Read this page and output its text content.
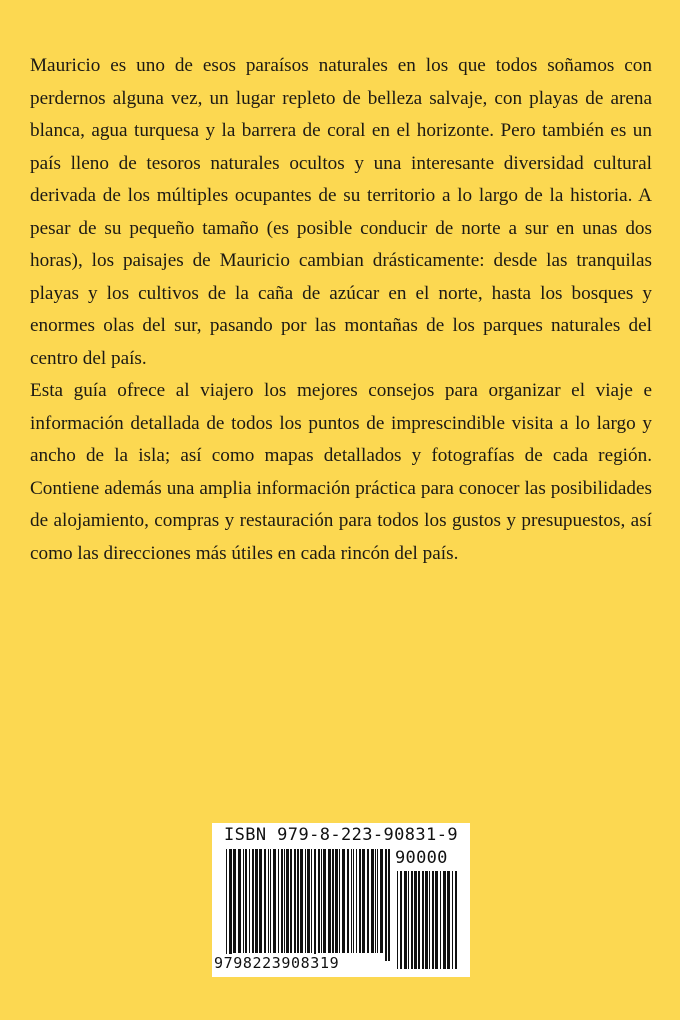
Mauricio es uno de esos paraísos naturales en los que todos soñamos con perdernos alguna vez, un lugar repleto de belleza salvaje, con playas de arena blanca, agua turquesa y la barrera de coral en el horizonte. Pero también es un país lleno de tesoros naturales ocultos y una interesante diversidad cultural derivada de los múltiples ocupantes de su territorio a lo largo de la historia. A pesar de su pequeño tamaño (es posible conducir de norte a sur en unas dos horas), los paisajes de Mauricio cambian drásticamente: desde las tranquilas playas y los cultivos de la caña de azúcar en el norte, hasta los bosques y enormes olas del sur, pasando por las montañas de los parques naturales del centro del país.

Esta guía ofrece al viajero los mejores consejos para organizar el viaje e información detallada de todos los puntos de imprescindible visita a lo largo y ancho de la isla; así como mapas detallados y fotografías de cada región. Contiene además una amplia información práctica para conocer las posibilidades de alojamiento, compras y restauración para todos los gustos y presupuestos, así como las direcciones más útiles en cada rincón del país.

ISBN 979-8-223-90831-9
90000
9798223908319
